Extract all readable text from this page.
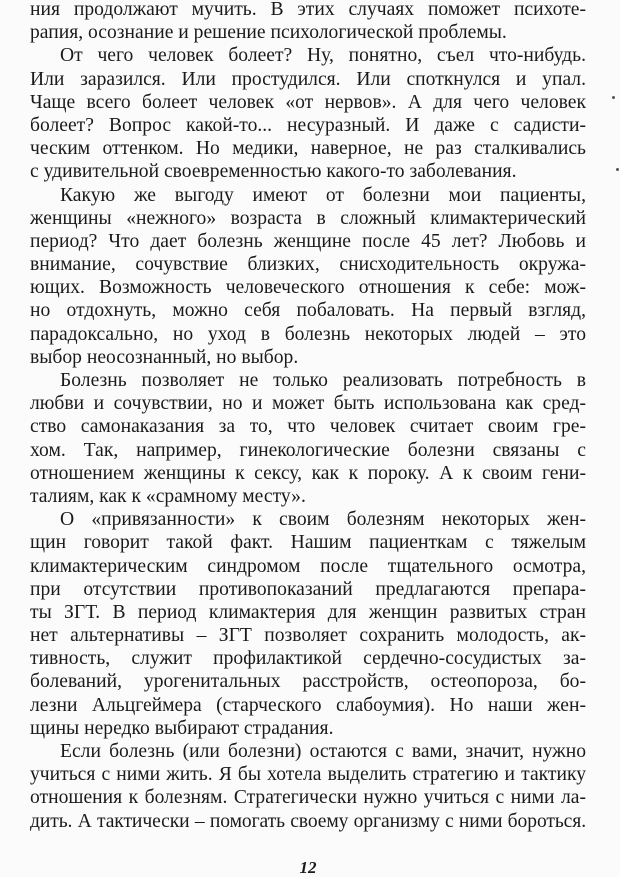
ния продолжают мучить. В этих случаях поможет психоте-
рапия, осознание и решение психологической проблемы.
От чего человек болеет? Ну, понятно, съел что-нибудь.
Или заразился. Или простудился. Или споткнулся и упал.
Чаще всего болеет человек «от нервов». А для чего человек
болеет? Вопрос какой-то... несуразный. И даже с садисти-
ческим оттенком. Но медики, наверное, не раз сталкивались
с удивительной своевременностью какого-то заболевания.
Какую же выгоду имеют от болезни мои пациенты,
женщины «нежного» возраста в сложный климактерический
период? Что дает болезнь женщине после 45 лет? Любовь и
внимание, сочувствие близких, снисходительность окружа-
ющих. Возможность человеческого отношения к себе: мож-
но отдохнуть, можно себя побаловать. На первый взгляд,
парадоксально, но уход в болезнь некоторых людей – это
выбор неосознанный, но выбор.
Болезнь позволяет не только реализовать потребность в
любви и сочувствии, но и может быть использована как сред-
ство самонаказания за то, что человек считает своим гре-
хом. Так, например, гинекологические болезни связаны с
отношением женщины к сексу, как к пороку. А к своим гени-
талиям, как к «срамному месту».
О «привязанности» к своим болезням некоторых жен-
щин говорит такой факт. Нашим пациенткам с тяжелым
климактерическим синдромом после тщательного осмотра,
при отсутствии противопоказаний предлагаются препара-
ты ЗГТ. В период климактерия для женщин развитых стран
нет альтернативы – ЗГТ позволяет сохранить молодость, ак-
тивность, служит профилактикой сердечно-сосудистых за-
болеваний, урогенитальных расстройств, остеопороза, бо-
лезни Альцгеймера (старческого слабоумия). Но наши жен-
щины нередко выбирают страдания.
Если болезнь (или болезни) остаются с вами, значит, нужно
учиться с ними жить. Я бы хотела выделить стратегию и тактику
отношения к болезням. Стратегически нужно учиться с ними ла-
дить. А тактически – помогать своему организму с ними бороться.
12
